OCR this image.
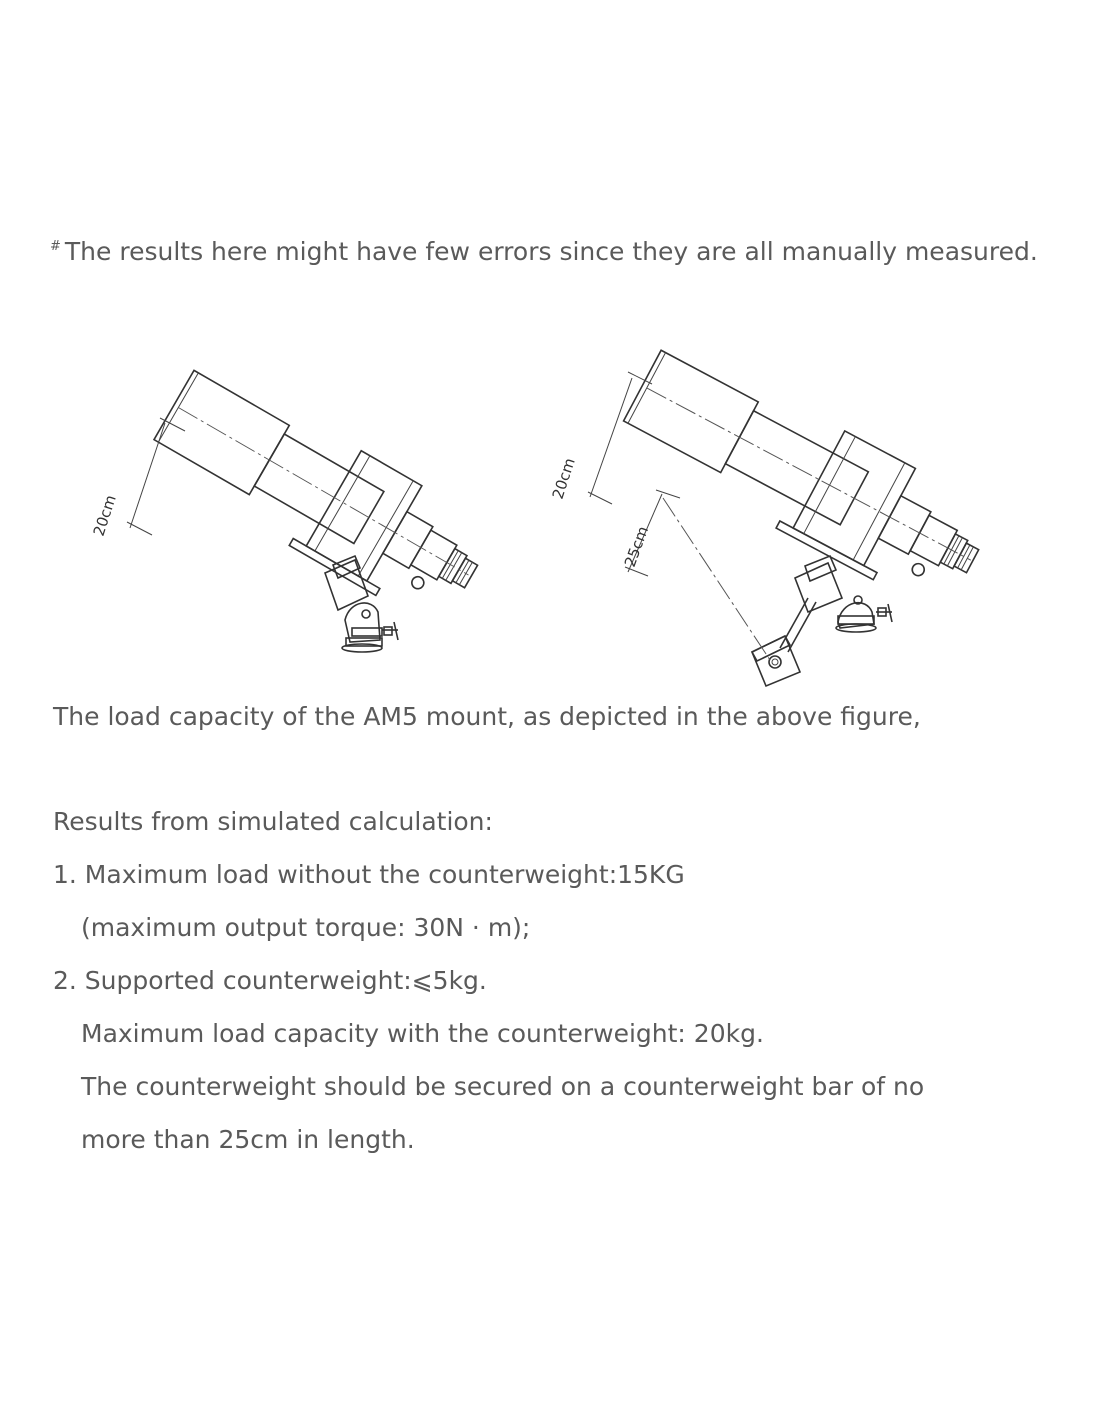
# The results here might have few errors since they are all manually measured.
20cm
20cm
25cm
The load capacity of the AM5 mount, as depicted in the above figure,
Results from simulated calculation:
1. Maximum load without the counterweight:15KG
(maximum output torque: 30N · m);
2. Supported counterweight:⩽5kg.
Maximum load capacity with the counterweight: 20kg.
The counterweight should be secured on a counterweight bar of no
more than 25cm in length.
